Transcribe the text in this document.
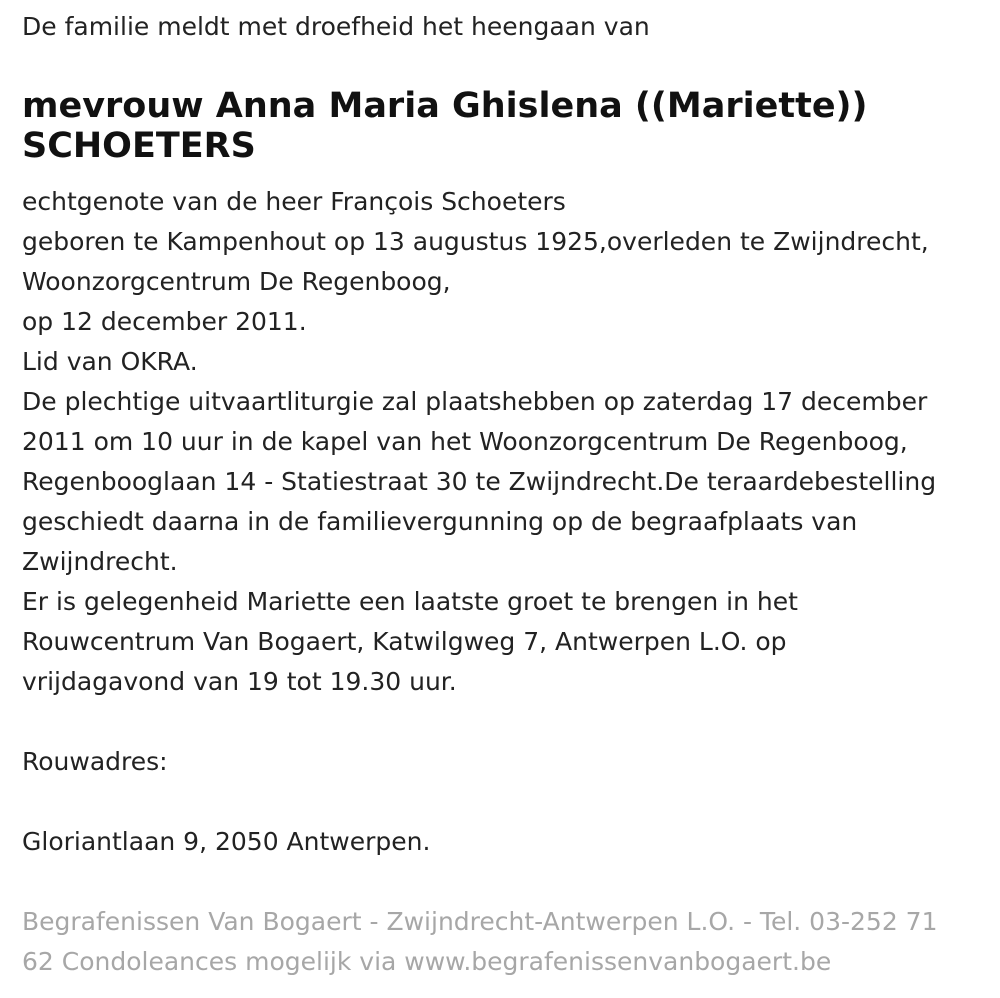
De familie meldt met droefheid het heengaan van
mevrouw Anna Maria Ghislena ((Mariette))
SCHOETERS
echtgenote van de heer François Schoeters
geboren te Kampenhout op 13 augustus 1925,overleden te Zwijndrecht,
Woonzorgcentrum De Regenboog,
op 12 december 2011.
Lid van OKRA.
De plechtige uitvaartliturgie zal plaatshebben op zaterdag 17 december
2011 om 10 uur in de kapel van het Woonzorgcentrum De Regenboog,
Regenbooglaan 14 - Statiestraat 30 te Zwijndrecht.De teraardebestelling
geschiedt daarna in de familievergunning op de begraafplaats van
Zwijndrecht.
Er is gelegenheid Mariette een laatste groet te brengen in het
Rouwcentrum Van Bogaert, Katwilgweg 7, Antwerpen L.O. op
vrijdagavond van 19 tot 19.30 uur.
Rouwadres:
Gloriantlaan 9, 2050 Antwerpen.
Begrafenissen Van Bogaert - Zwijndrecht-Antwerpen L.O. - Tel. 03-252 71
62 Condoleances mogelijk via www.begrafenissenvanbogaert.be
